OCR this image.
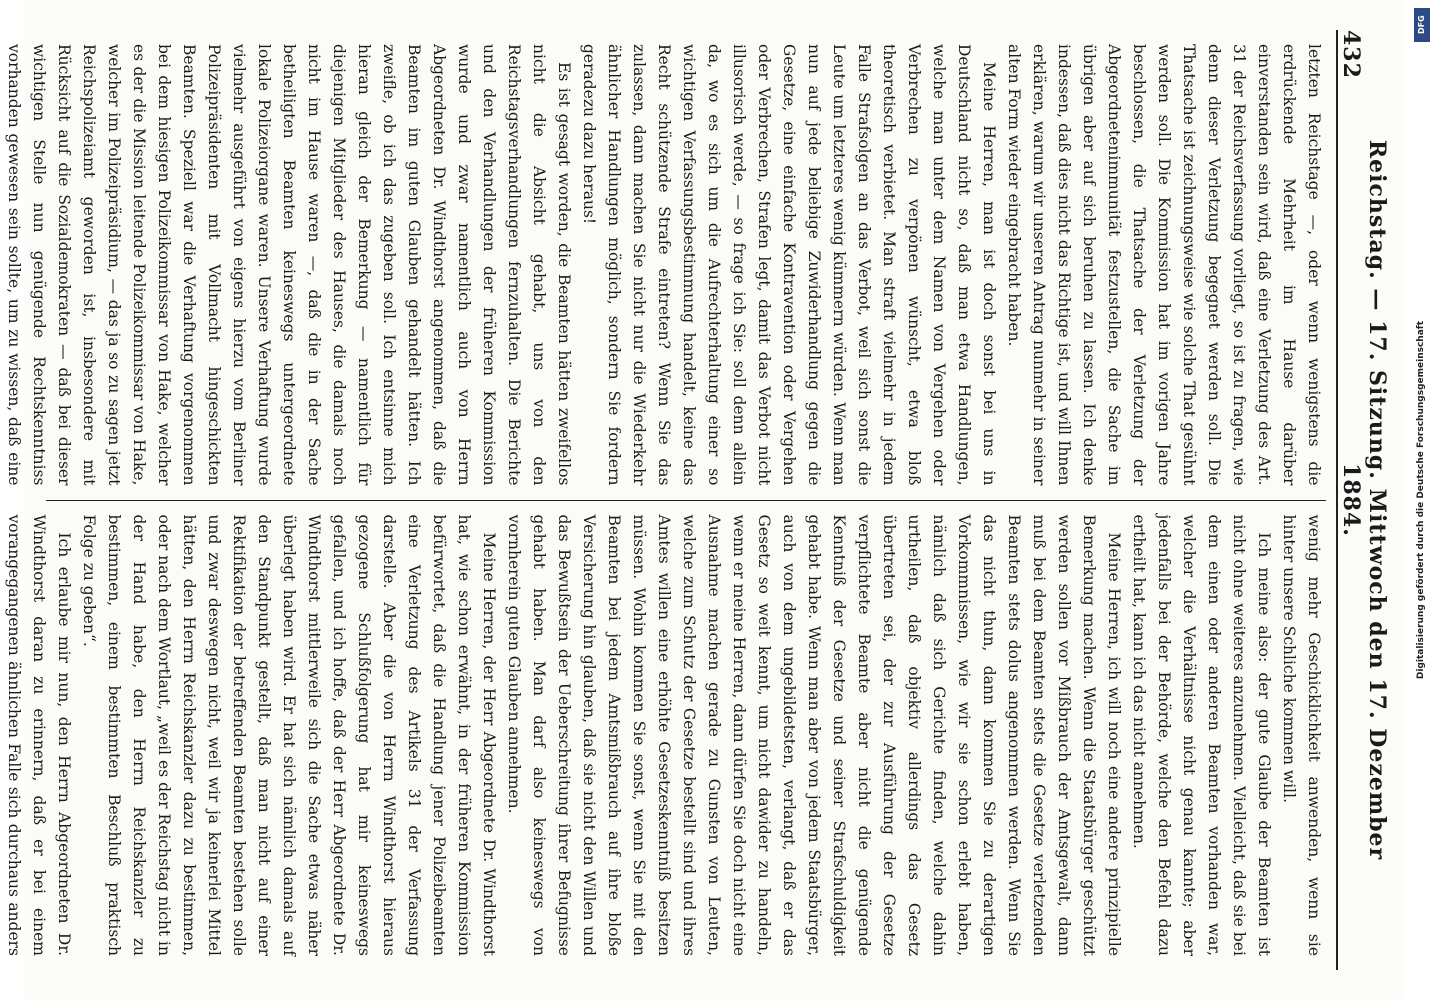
432
Reichstag. — 17. Sitzung. Mittwoch den 17. Dezember 1884.

letzten Reichstage —, oder wenn wenigstens die erdrückende Mehrheit im Hause darüber einverstanden sein wird, daß eine Verletzung des Art. 31 der Reichsverfassung vorliegt, so ist zu fragen, wie denn dieser Verletzung begegnet werden soll. Die Thatsache ist zeichnungsweise wie solche That gesühnt werden soll. Die Kommission hat im vorigen Jahre beschlossen, die Thatsache der Verletzung der Abgeordnetenimmunität festzustellen, die Sache im übrigen aber auf sich beruhen zu lassen. Ich denke indessen, daß dies nicht das Richtige ist, und will Ihnen erklären, warum wir unseren Antrag nunmehr in seiner alten Form wieder eingebracht haben.

Meine Herren, man ist doch sonst bei uns in Deutschland nicht so, daß man etwa Handlungen, welche man unter dem Namen von Vergehen oder Verbrechen zu verpönen wünscht, etwa bloß theoretisch verbietet. Man straft vielmehr in jedem Falle Strafsolgen an das Verbot, weil sich sonst die Leute um letzteres wenig kümmern würden. Wenn man nun auf jede beliebige Zuwiderhandlung gegen die Gesetze, eine einfache Kontravention oder Vergehen oder Verbrechen, Strafen legt, damit das Verbot nicht illusorisch werde, — so frage ich Sie: soll denn allein da, wo es sich um die Aufrechterhaltung einer so wichtigen Verfassungsbestimmung handelt, keine das Recht schützende Strafe eintreten? Wenn Sie das zulassen, dann machen Sie nicht nur die Wiederkehr ähnlicher Handlungen möglich, sondern Sie fordern geradezu dazu heraus!

Es ist gesagt worden, die Beamten hätten zweifellos nicht die Absicht gehabt, uns von den Reichstagsverhandlungen fernzuhalten. Die Berichte und den Verhandlungen der früheren Kommission wurde und zwar namentlich auch von Herrn Abgeordneten Dr. Windthorst angenommen, daß die Beamten im guten Glauben gehandelt hätten. Ich zweifle, ob ich das zugeben soll. Ich entsinne mich hieran gleich der Bemerkung — namentlich für diejenigen Mitglieder des Hauses, die damals noch nicht im Hause waren —, daß die in der Sache betheiligten Beamten keineswegs untergeordnete lokale Polizeiorgane waren. Unsere Verhaftung wurde vielmehr ausgeführt von eigens hierzu vom Berliner Polizeipräsidenten mit Vollmacht hingeschickten Beamten. Speziell war die Verhaftung vorgenommen bei dem hiesigen Polizeikommissar von Hake, welcher es der die Mission leitende Polizeikommissar von Hake, welcher im Polizeipräsidium, — das ja so zu sagen jetzt Reichspolizeiamt geworden ist, insbesondere mit Rücksicht auf die Sozialdemokraten — daß bei dieser wichtigen Stelle nun genügende Rechtskenntniss vorhanden gewesen sein sollte, um zu wissen, daß eine

wenig mehr Geschicklichkeit anwenden, wenn sie hinter unsere Schliche kommen will.

Ich meine also: der gute Glaube der Beamten ist nicht ohne weiteres anzunehmen. Vielleicht, daß sie bei dem einen oder anderen Beamten vorhanden war, welcher die Verhältnisse nicht genau kannte; aber jedenfalls bei der Behörde, welche den Befehl dazu ertheilt hat, kann ich das nicht annehmen.

Meine Herren, ich will noch eine andere prinzipielle Bemerkung machen. Wenn die Staatsbürger geschützt werden sollen vor Mißbrauch der Amtsgewalt, dann muß bei dem Beamten stets die Gesetze verletzenden Beamten stets dolus angenommen werden. Wenn Sie das nicht thun, dann kommen Sie zu derartigen Vorkommnissen, wie wir sie schon erlebt haben, nämlich daß sich Gerichte finden, welche dahin urtheilen, daß objektiv allerdings das Gesetz übertreten sei, der zur Ausführung der Gesetze verpflichtete Beamte aber nicht die genügende Kenntniß der Gesetze und seiner Strafschuldigkeit gehabt habe. Wenn man aber von jedem Staatsbürger, auch von dem ungebildetsten, verlangt, daß er das Gesetz so weit kennt, um nicht dawider zu handeln, wenn er meine Herren, dann dürfen Sie doch nicht eine Ausnahme machen gerade zu Gunsten von Leuten, welche zum Schutz der Gesetze bestellt sind und ihres Amtes willen eine erhöhte Gesetzeskenntniß besitzen müssen. Wohin kommen Sie sonst, wenn Sie mit den Beamten bei jedem Amtsmißbrauch auf ihre bloße Versicherung hin glauben, daß sie nicht den Willen und das Bewußtsein der Ueberschreitung ihrer Befugnisse gehabt haben. Man darf also keineswegs von vornherein guten Glauben annehmen.

Meine Herren, der Herr Abgeordnete Dr. Windthorst hat, wie schon erwähnt, in der früheren Kommission befürwortet, daß die Handlung jener Polizeibeamten eine Verletzung des Artikels 31 der Verfassung darstelle. Aber die von Herrn Windthorst hieraus gezogene Schlußfolgerung hat mir keineswegs gefallen, und ich hoffe, daß der Herr Abgeordnete Dr. Windthorst mittlerweile sich die Sache etwas näher überlegt haben wird. Er hat sich nämlich damals auf den Standpunkt gestellt, daß man nicht auf einer Rektifikation der betreffenden Beamten bestehen solle und zwar deswegen nicht, weil wir ja keinerlei Mittel hätten, den Herrn Reichskanzler dazu zu bestimmen, oder nach dem Wortlaut, „weil es der Reichstag nicht in der Hand habe, den Herrn Reichskanzler zu bestimmen, einem bestimmten Beschluß praktisch Folge zu geben“.

Ich erlaube mir nun, den Herrn Abgeordneten Dr. Windthorst daran zu erinnern, daß er bei einem vorangegangenen ähnlichen Falle sich durchaus anders

Digitalisierung gefördert durch die Deutsche Forschungsgemeinschaft
DFG
